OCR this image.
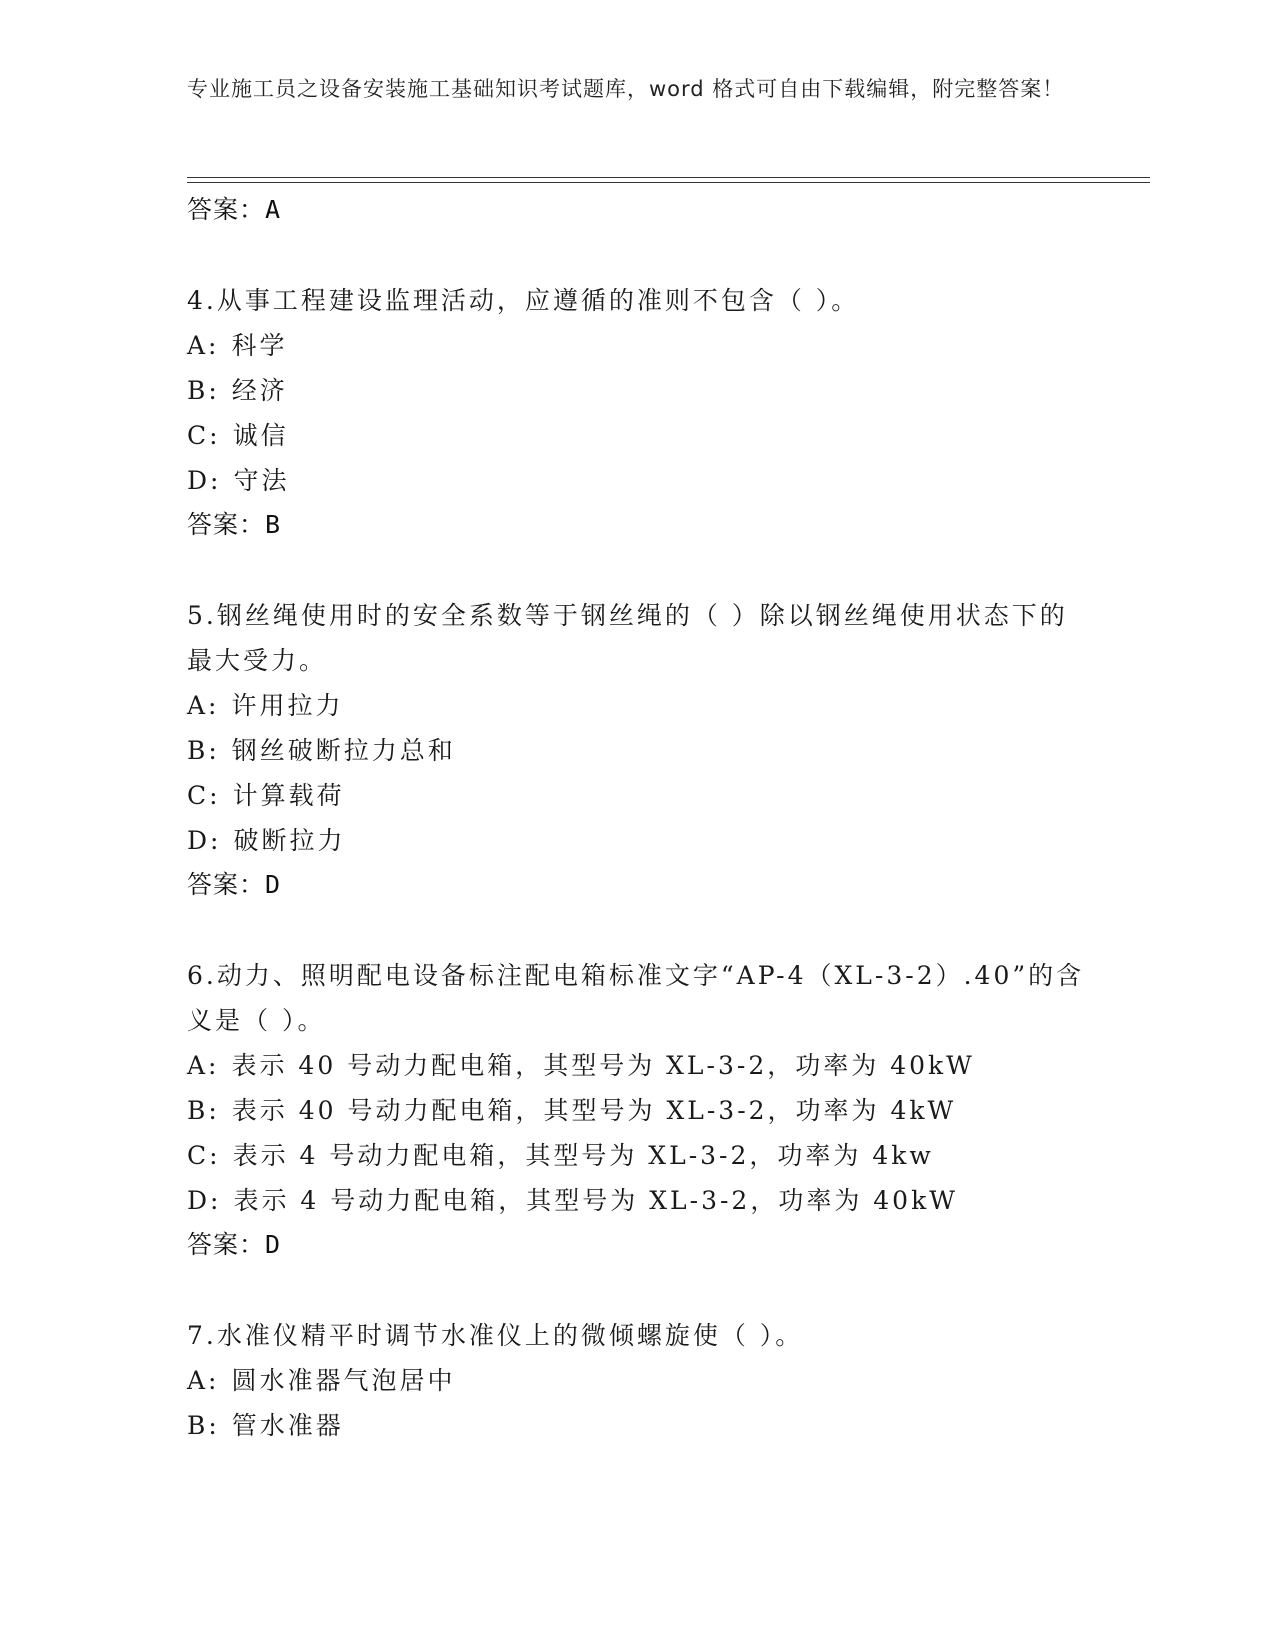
专业施工员之设备安装施工基础知识考试题库，word 格式可自由下载编辑，附完整答案！

答案：A

4.从事工程建设监理活动，应遵循的准则不包含（ ）。

A: 科学

B: 经济

C: 诚信

D: 守法

答案：B

5.钢丝绳使用时的安全系数等于钢丝绳的（ ）除以钢丝绳使用状态下的最大受力。

A: 许用拉力

B: 钢丝破断拉力总和

C: 计算载荷

D: 破断拉力

答案：D

6.动力、照明配电设备标注配电箱标准文字“AP-4（XL-3-2）.40”的含义是（ ）。

A: 表示 40 号动力配电箱，其型号为 XL-3-2，功率为 40kW

B: 表示 40 号动力配电箱，其型号为 XL-3-2，功率为 4kW

C: 表示 4 号动力配电箱，其型号为 XL-3-2，功率为 4kw

D: 表示 4 号动力配电箱，其型号为 XL-3-2，功率为 40kW

答案：D

7.水准仪精平时调节水准仪上的微倾螺旋使（ ）。

A: 圆水准器气泡居中

B: 管水准器
